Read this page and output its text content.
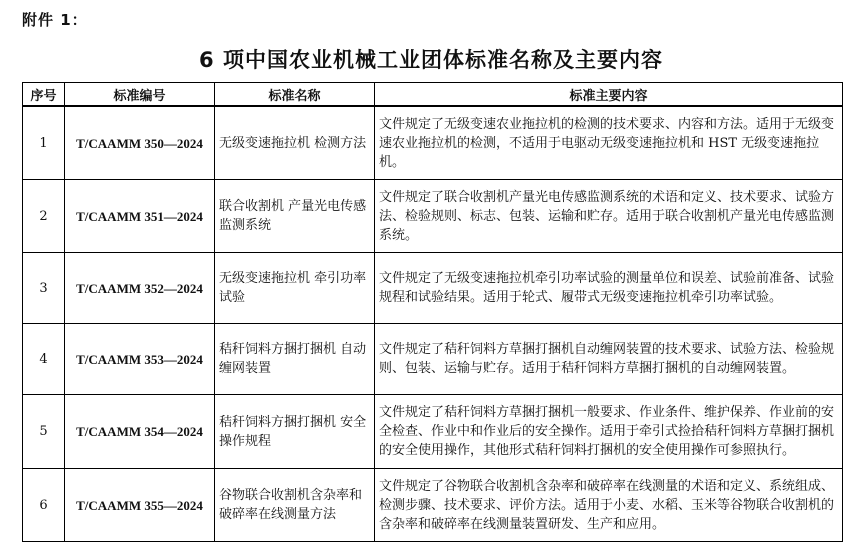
附件 1：
6 项中国农业机械工业团体标准名称及主要内容
序号	标准编号	标准名称	标准主要内容
1	T/CAAMM 350—2024	无级变速拖拉机 检测方法	文件规定了无级变速农业拖拉机的检测的技术要求、内容和方法。适用于无级变速农业拖拉机的检测，不适用于电驱动无级变速拖拉机和 HST 无级变速拖拉机。
2	T/CAAMM 351—2024	联合收割机 产量光电传感监测系统	文件规定了联合收割机产量光电传感监测系统的术语和定义、技术要求、试验方法、检验规则、标志、包装、运输和贮存。适用于联合收割机产量光电传感监测系统。
3	T/CAAMM 352—2024	无级变速拖拉机 牵引功率试验	文件规定了无级变速拖拉机牵引功率试验的测量单位和误差、试验前准备、试验规程和试验结果。适用于轮式、履带式无级变速拖拉机牵引功率试验。
4	T/CAAMM 353—2024	秸秆饲料方捆打捆机 自动缠网装置	文件规定了秸秆饲料方草捆打捆机自动缠网装置的技术要求、试验方法、检验规则、包装、运输与贮存。适用于秸秆饲料方草捆打捆机的自动缠网装置。
5	T/CAAMM 354—2024	秸秆饲料方捆打捆机 安全操作规程	文件规定了秸秆饲料方草捆打捆机一般要求、作业条件、维护保养、作业前的安全检查、作业中和作业后的安全操作。适用于牵引式捡拾秸秆饲料方草捆打捆机的安全使用操作，其他形式秸秆饲料打捆机的安全使用操作可参照执行。
6	T/CAAMM 355—2024	谷物联合收割机含杂率和破碎率在线测量方法	文件规定了谷物联合收割机含杂率和破碎率在线测量的术语和定义、系统组成、检测步骤、技术要求、评价方法。适用于小麦、水稻、玉米等谷物联合收割机的含杂率和破碎率在线测量装置研发、生产和应用。
